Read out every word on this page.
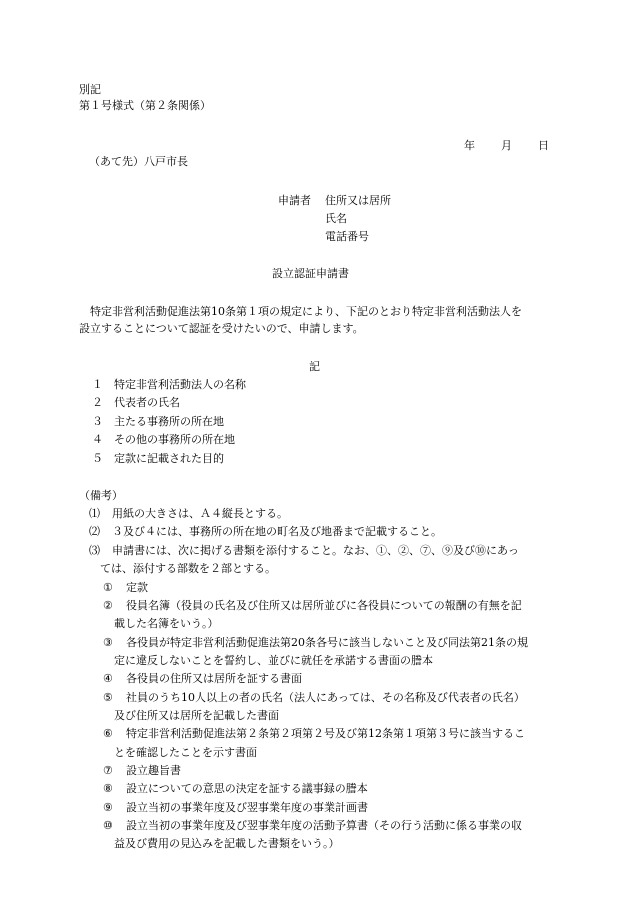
別記
第１号様式（第２条関係）
年 月 日
（あて先）八戸市長
申請者 住所又は居所
氏名
電話番号
設立認証申請書
特定非営利活動促進法第10条第１項の規定により、下記のとおり特定非営利活動法人を
設立することについて認証を受けたいので、申請します。
記
１ 特定非営利活動法人の名称
２ 代表者の氏名
３ 主たる事務所の所在地
４ その他の事務所の所在地
５ 定款に記載された目的
（備考）
⑴ 用紙の大きさは、Ａ４縦長とする。
⑵ ３及び４には、事務所の所在地の町名及び地番まで記載すること。
⑶ 申請書には、次に掲げる書類を添付すること。なお、①、②、⑦、⑨及び⑩にあっ
ては、添付する部数を２部とする。
① 定款
② 役員名簿（役員の氏名及び住所又は居所並びに各役員についての報酬の有無を記
載した名簿をいう。）
③ 各役員が特定非営利活動促進法第20条各号に該当しないこと及び同法第21条の規
定に違反しないことを誓約し、並びに就任を承諾する書面の謄本
④ 各役員の住所又は居所を証する書面
⑤ 社員のうち10人以上の者の氏名（法人にあっては、その名称及び代表者の氏名）
及び住所又は居所を記載した書面
⑥ 特定非営利活動促進法第２条第２項第２号及び第12条第１項第３号に該当するこ
とを確認したことを示す書面
⑦ 設立趣旨書
⑧ 設立についての意思の決定を証する議事録の謄本
⑨ 設立当初の事業年度及び翌事業年度の事業計画書
⑩ 設立当初の事業年度及び翌事業年度の活動予算書（その行う活動に係る事業の収
益及び費用の見込みを記載した書類をいう。）
